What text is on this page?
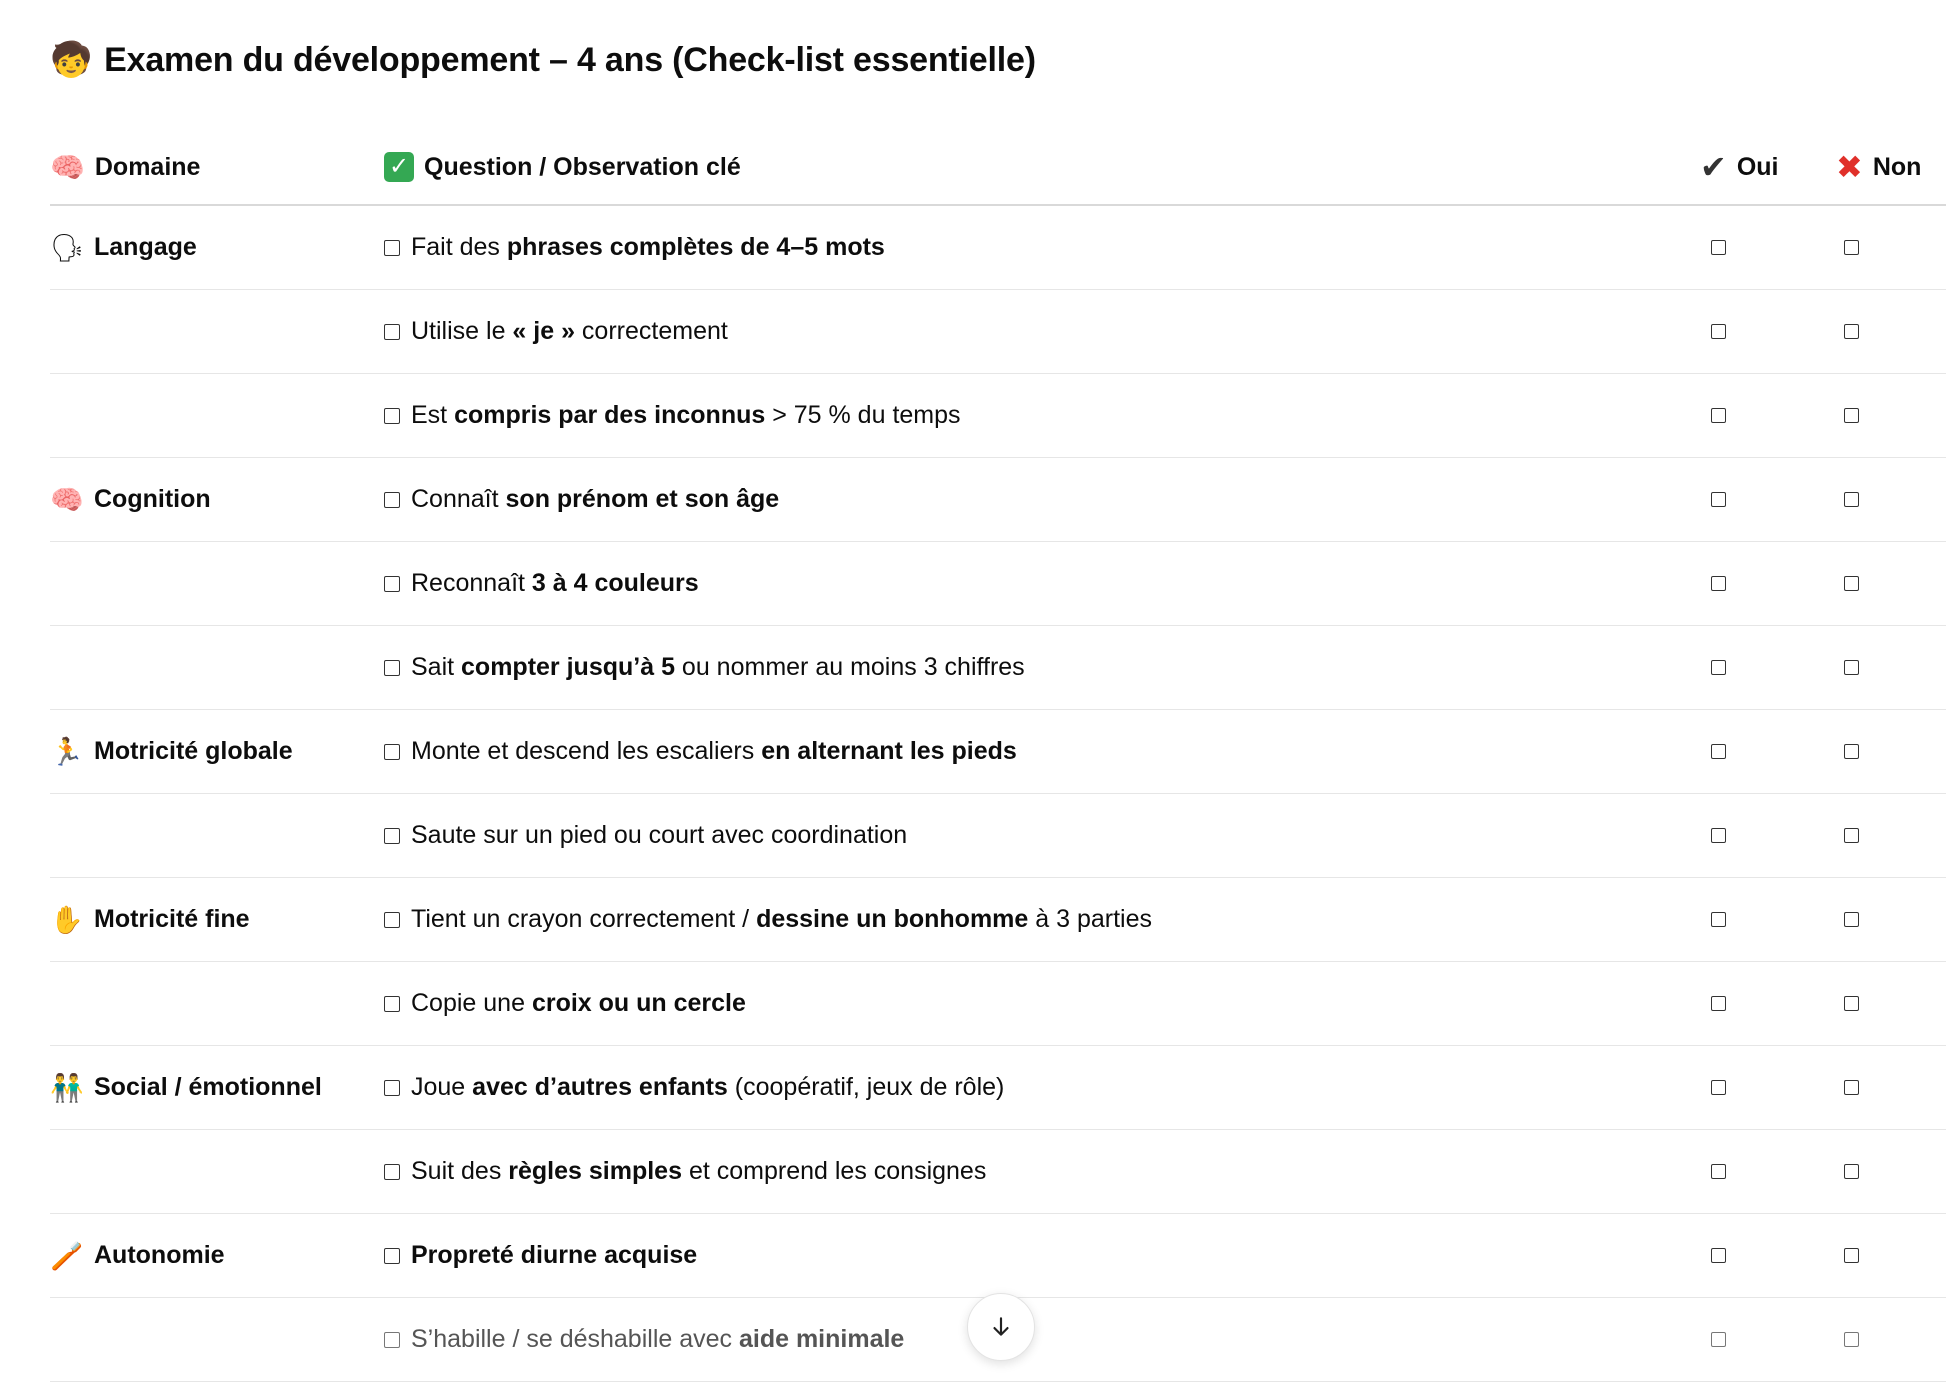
🧒 Examen du développement – 4 ans (Check-list essentielle)
🧠 Domaine	✓ Question / Observation clé	✔ Oui	✖ Non

🗣 Langage	Fait des phrases complètes de 4–5 mots		

	Utilise le « je » correctement		

	Est compris par des inconnus > 75 % du temps		

🧠 Cognition	Connaît son prénom et son âge		

	Reconnaît 3 à 4 couleurs		

	Sait compter jusqu’à 5 ou nommer au moins 3 chiffres		

🏃 Motricité globale	Monte et descend les escaliers en alternant les pieds		

	Saute sur un pied ou court avec coordination		

✋ Motricité fine	Tient un crayon correctement / dessine un bonhomme à 3 parties		

	Copie une croix ou un cercle		

👬 Social / émotionnel	Joue avec d’autres enfants (coopératif, jeux de rôle)		

	Suit des règles simples et comprend les consignes		

🪥 Autonomie	Propreté diurne acquise		

	S’habille / se déshabille avec aide minimale		
